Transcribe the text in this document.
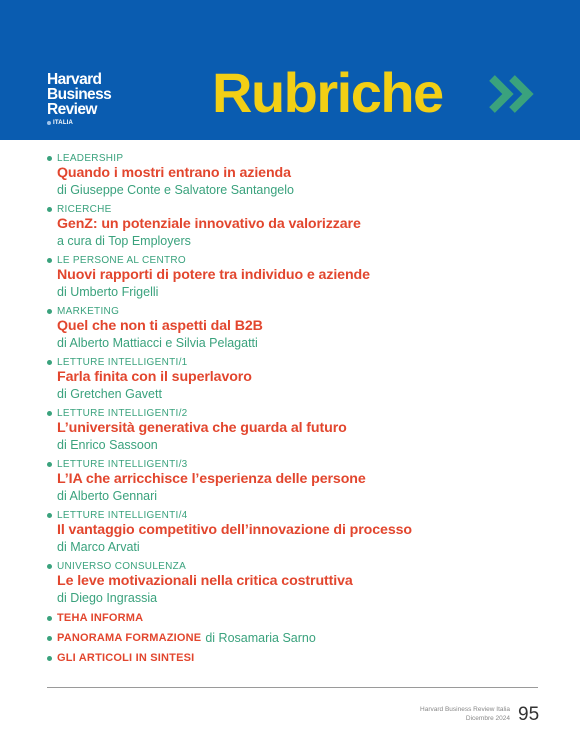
Harvard
Business
Review
ITALIA Rubriche
LEADERSHIP
Quando i mostri entrano in azienda
di Giuseppe Conte e Salvatore Santangelo
RICERCHE
GenZ: un potenziale innovativo da valorizzare
a cura di Top Employers
LE PERSONE AL CENTRO
Nuovi rapporti di potere tra individuo e aziende
di Umberto Frigelli
MARKETING
Quel che non ti aspetti dal B2B
di Alberto Mattiacci e Silvia Pelagatti
LETTURE INTELLIGENTI/1
Farla finita con il superlavoro
di Gretchen Gavett
LETTURE INTELLIGENTI/2
L’università generativa che guarda al futuro
di Enrico Sassoon
LETTURE INTELLIGENTI/3
L’IA che arricchisce l’esperienza delle persone
di Alberto Gennari
LETTURE INTELLIGENTI/4
Il vantaggio competitivo dell’innovazione di processo
di Marco Arvati
UNIVERSO CONSULENZA
Le leve motivazionali nella critica costruttiva
di Diego Ingrassia
TEHA INFORMA
PANORAMA FORMAZIONE di Rosamaria Sarno
GLI ARTICOLI IN SINTESI
Harvard Business Review Italia
Dicembre 2024 95
